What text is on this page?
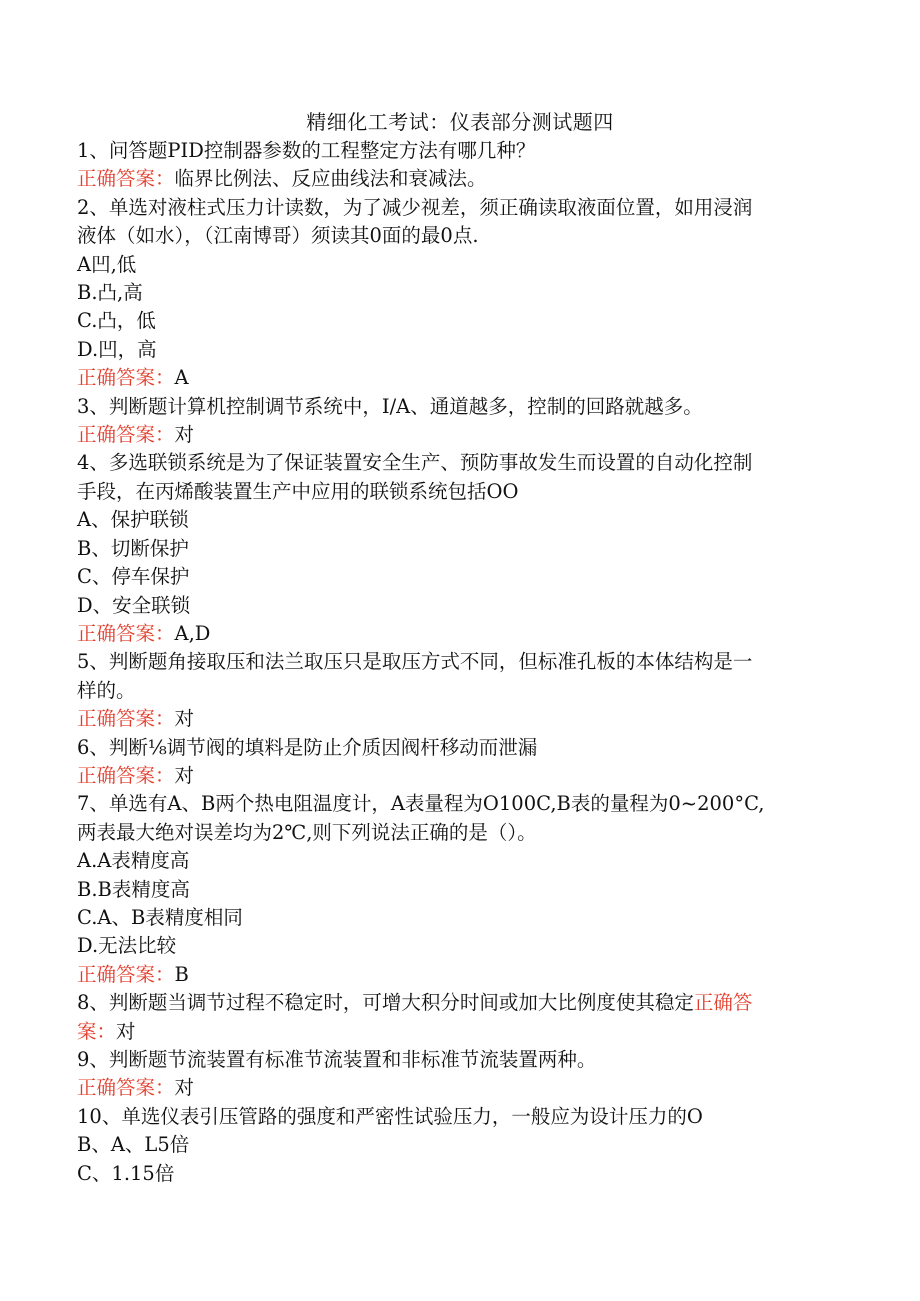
精细化工考试：仪表部分测试题四
1、问答题PID控制器参数的工程整定方法有哪几种？
正确答案：临界比例法、反应曲线法和衰减法。
2、单选对液柱式压力计读数，为了减少视差，须正确读取液面位置，如用浸润
液体（如水），（江南博哥）须读其0面的最0点.
A凹,低
B.凸,高
C.凸，低
D.凹，高
正确答案：A
3、判断题计算机控制调节系统中，I/A、通道越多，控制的回路就越多。
正确答案：对
4、多选联锁系统是为了保证装置安全生产、预防事故发生而设置的自动化控制
手段，在丙烯酸装置生产中应用的联锁系统包括OO
A、保护联锁
B、切断保护
C、停车保护
D、安全联锁
正确答案：A,D
5、判断题角接取压和法兰取压只是取压方式不同，但标准孔板的本体结构是一
样的。
正确答案：对
6、判断⅛调节阀的填料是防止介质因阀杆移动而泄漏
正确答案：对
7、单选有A、B两个热电阻温度计，A表量程为O100C,B表的量程为0~200°C,
两表最大绝对误差均为2℃,则下列说法正确的是（）。
A.A表精度高
B.B表精度高
C.A、B表精度相同
D.无法比较
正确答案：B
8、判断题当调节过程不稳定时，可增大积分时间或加大比例度使其稳定正确答
案：对
9、判断题节流装置有标准节流装置和非标准节流装置两种。
正确答案：对
10、单选仪表引压管路的强度和严密性试验压力，一般应为设计压力的O
B、A、L5倍
C、1.15倍
